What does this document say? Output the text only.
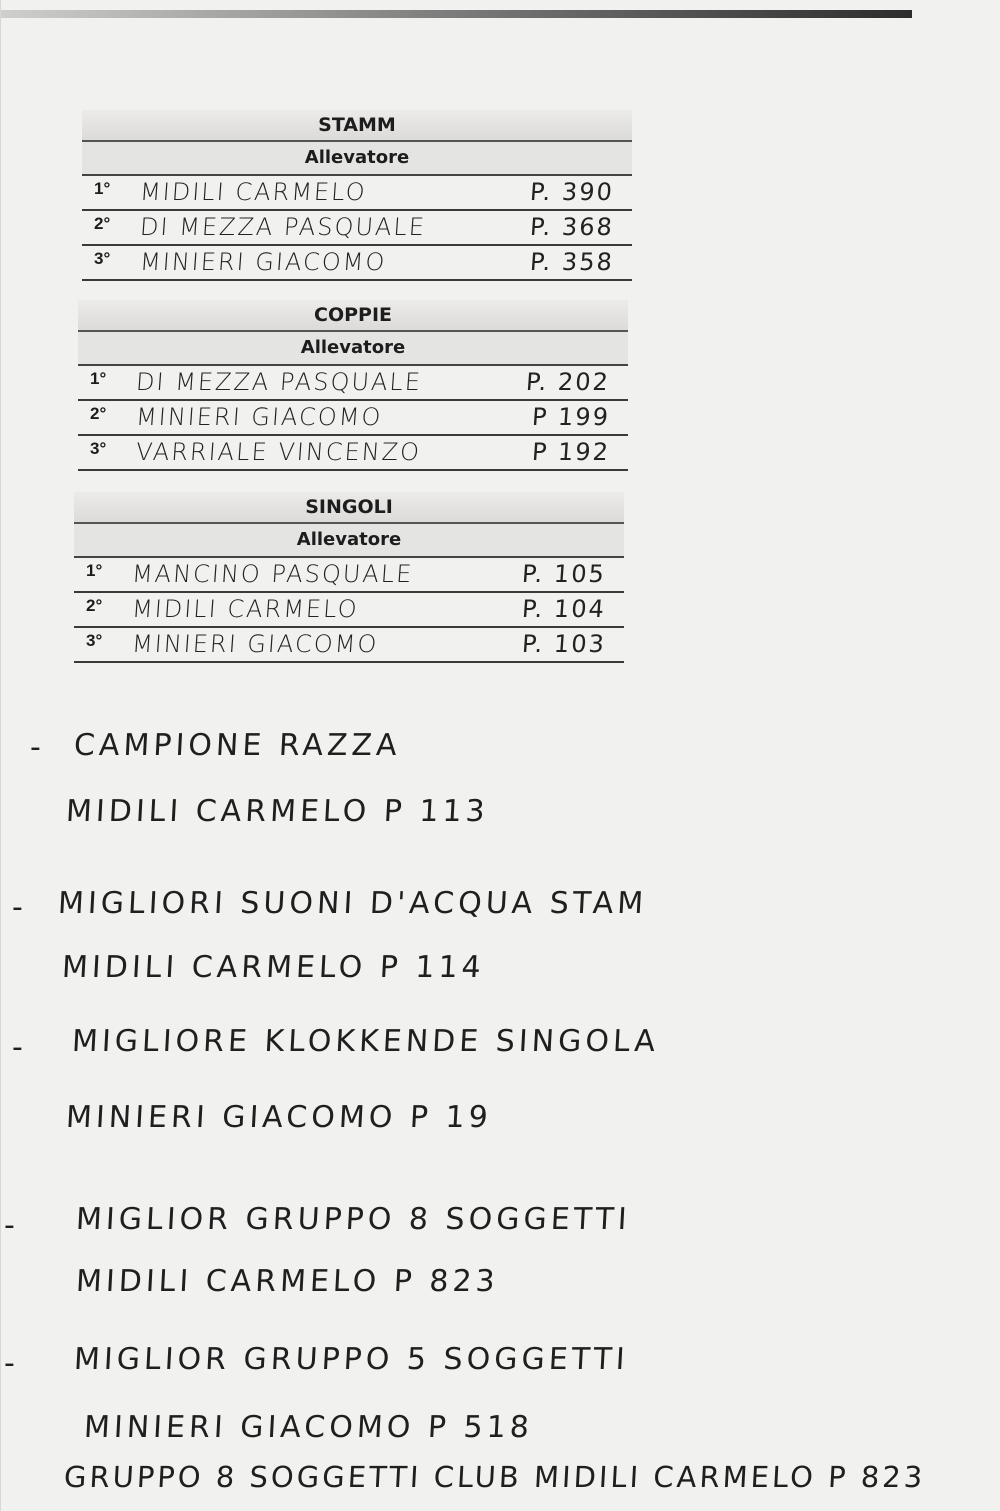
STAMM
Allevatore
1° MIDILI CARMELO	P. 390
2° DI MEZZA PASQUALE	P. 368
3° MINIERI GIACOMO	P. 358
COPPIE
Allevatore
1° DI MEZZA PASQUALE	P. 202
2° MINIERI GIACOMO	P 199
3° VARRIALE VINCENZO	P 192
SINGOLI
Allevatore
1° MANCINO PASQUALE	P. 105
2° MIDILI CARMELO	P. 104
3° MINIERI GIACOMO	P. 103
- CAMPIONE RAZZA
MIDILI CARMELO P 113
- MIGLIORI SUONI D'ACQUA STAM
MIDILI CARMELO P 114
- MIGLIORE KLOKKENDE SINGOLA
MINIERI GIACOMO P 19
- MIGLIOR GRUPPO 8 SOGGETTI
MIDILI CARMELO P 823
- MIGLIOR GRUPPO 5 SOGGETTI
MINIERI GIACOMO P 518
GRUPPO 8 SOGGETTI CLUB MIDILI CARMELO P 823
